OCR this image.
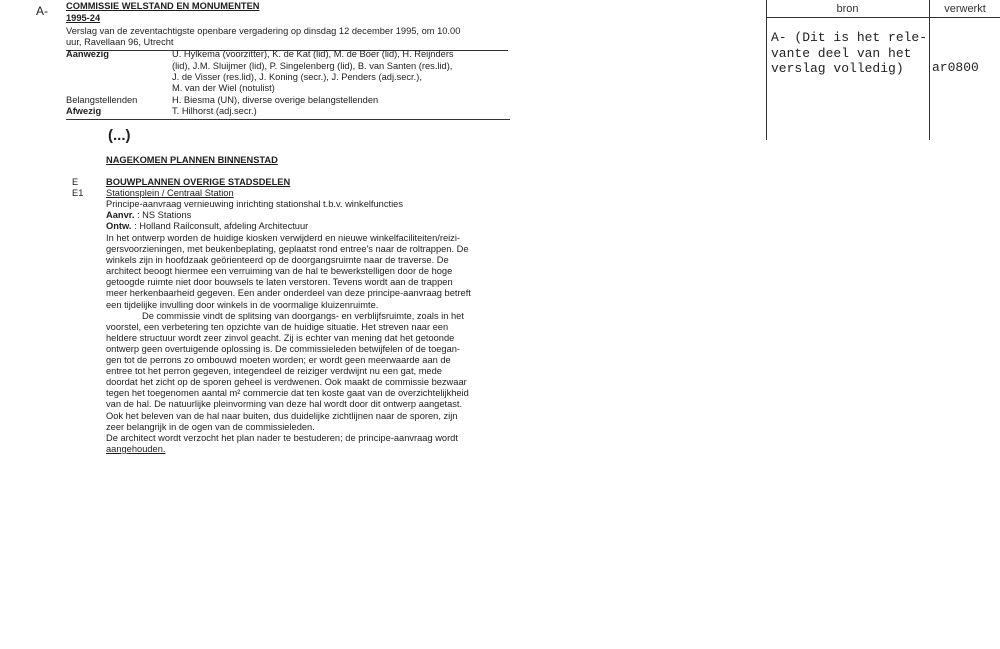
A- COMMISSIE WELSTAND EN MONUMENTEN
1995-24
Verslag van de zeventachtigste openbare vergadering op dinsdag 12 december 1995, om 10.00
uur, Ravellaan 96, Utrecht
Aanwezig	U. Hylkema (voorzitter), K. de Kat (lid), M. de Boer (lid), H. Reijnders
(lid), J.M. Sluijmer (lid), P. Singelenberg (lid), B. van Santen (res.lid),
J. de Visser (res.lid), J. Koning (secr.), J. Penders (adj.secr.),
M. van der Wiel (notulist)
Belangstellenden	H. Biesma (UN), diverse overige belangstellenden
Afwezig	T. Hilhorst (adj.secr.)
(...)
NAGEKOMEN PLANNEN BINNENSTAD
E	BOUWPLANNEN OVERIGE STADSDELEN
E1 Stationsplein / Centraal Station
Principe-aanvraag vernieuwing inrichting stationshal t.b.v. winkelfuncties
Aanvr. : NS Stations
Ontw. : Holland Railconsult, afdeling Architectuur
In het ontwerp worden de huidige kiosken verwijderd en nieuwe winkelfaciliteiten/reizi-
gersvoorzieningen, met beukenbeplating, geplaatst rond entree's naar de roltrappen. De
winkels zijn in hoofdzaak geörienteerd op de doorgangsruimte naar de traverse. De
architect beoogt hiermee een verruiming van de hal te bewerkstelligen door de hoge
getoogde ruimte niet door bouwsels te laten verstoren. Tevens wordt aan de trappen
meer herkenbaarheid gegeven. Een ander onderdeel van deze principe-aanvraag betreft
een tijdelijke invulling door winkels in de voormalige kluizenruimte.
De commissie vindt de splitsing van doorgangs- en verblijfsruimte, zoals in het
voorstel, een verbetering ten opzichte van de huidige situatie. Het streven naar een
heldere structuur wordt zeer zinvol geacht. Zij is echter van mening dat het getoonde
ontwerp geen overtuigende oplossing is. De commissieleden betwijfelen of de toegan-
gen tot de perrons zo ombouwd moeten worden; er wordt geen meerwaarde aan de
entree tot het perron gegeven, integendeel de reiziger verdwijnt nu een gat, mede
doordat het zicht op de sporen geheel is verdwenen. Ook maakt de commissie bezwaar
tegen het toegenomen aantal m² commercie dat ten koste gaat van de overzichtelijkheid
van de hal. De natuurlijke pleinvorming van deze hal wordt door dit ontwerp aangetast.
Ook het beleven van de hal naar buiten, dus duidelijke zichtlijnen naar de sporen, zijn
zeer belangrijk in de ogen van de commissieleden.
De architect wordt verzocht het plan nader te bestuderen; de principe-aanvraag wordt
aangehouden.
bron	verwerkt
A- (Dit is het rele-
vante deel van het
verslag volledig)	ar0800
